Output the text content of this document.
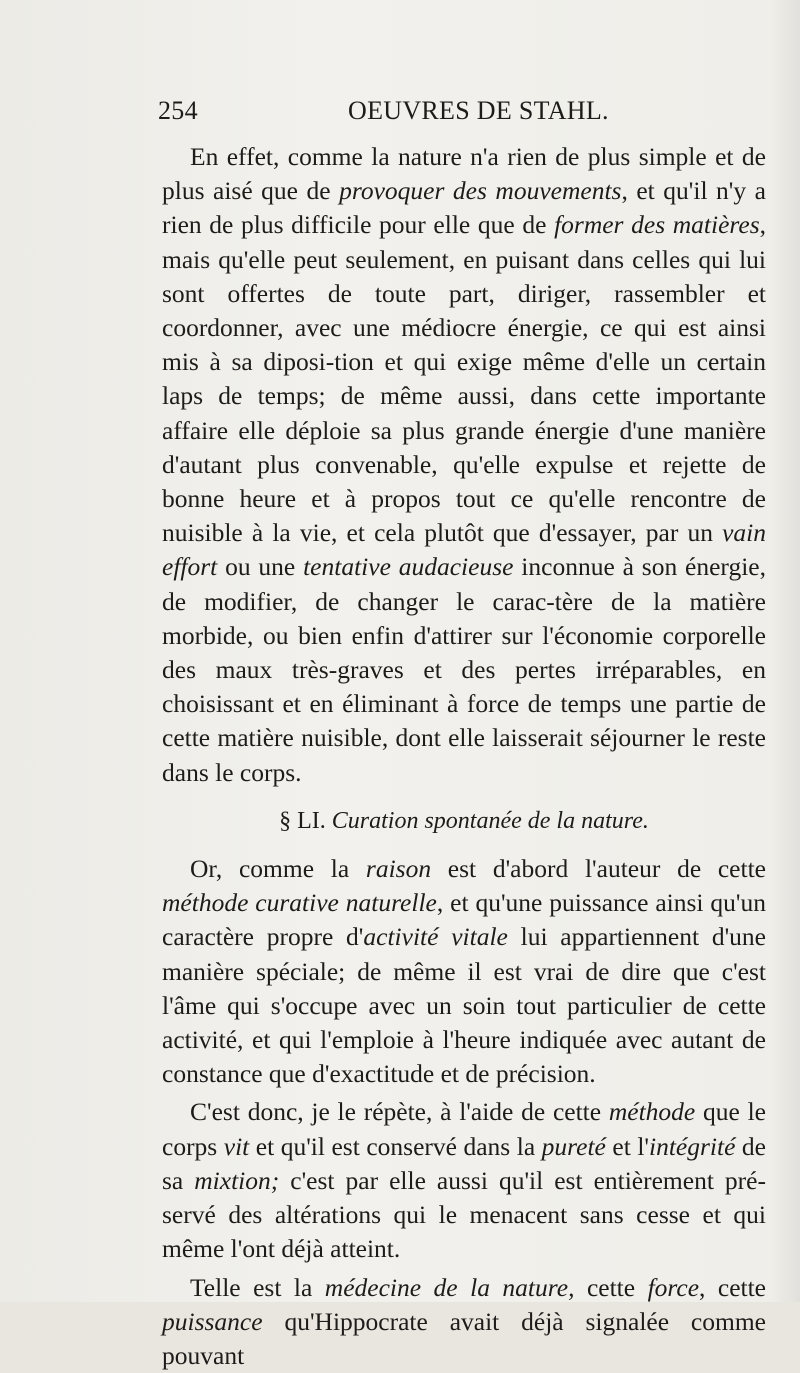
254	OEUVRES DE STAHL.

En effet, comme la nature n'a rien de plus simple et de plus aisé que de provoquer des mouvements, et qu'il n'y a rien de plus difficile pour elle que de former des matières, mais qu'elle peut seulement, en puisant dans celles qui lui sont offertes de toute part, diriger, rassembler et coordonner, avec une médiocre énergie, ce qui est ainsi mis à sa diposi-tion et qui exige même d'elle un certain laps de temps; de même aussi, dans cette importante affaire elle déploie sa plus grande énergie d'une manière d'autant plus convenable, qu'elle expulse et rejette de bonne heure et à propos tout ce qu'elle rencontre de nuisible à la vie, et cela plutôt que d'essayer, par un vain effort ou une tentative audacieuse inconnue à son énergie, de modifier, de changer le carac-tère de la matière morbide, ou bien enfin d'attirer sur l'économie corporelle des maux très-graves et des pertes irréparables, en choisissant et en éliminant à force de temps une partie de cette matière nuisible, dont elle laisserait séjourner le reste dans le corps.

§ LI. Curation spontanée de la nature.

Or, comme la raison est d'abord l'auteur de cette méthode curative naturelle, et qu'une puissance ainsi qu'un caractère propre d'activité vitale lui appartiennent d'une manière spéciale; de même il est vrai de dire que c'est l'âme qui s'occupe avec un soin tout particulier de cette activité, et qui l'emploie à l'heure indiquée avec autant de constance que d'exactitude et de précision.

C'est donc, je le répète, à l'aide de cette méthode que le corps vit et qu'il est conservé dans la pureté et l'intégrité de sa mixtion; c'est par elle aussi qu'il est entièrement pré-servé des altérations qui le menacent sans cesse et qui même l'ont déjà atteint.

Telle est la médecine de la nature, cette force, cette puissance qu'Hippocrate avait déjà signalée comme pouvant
